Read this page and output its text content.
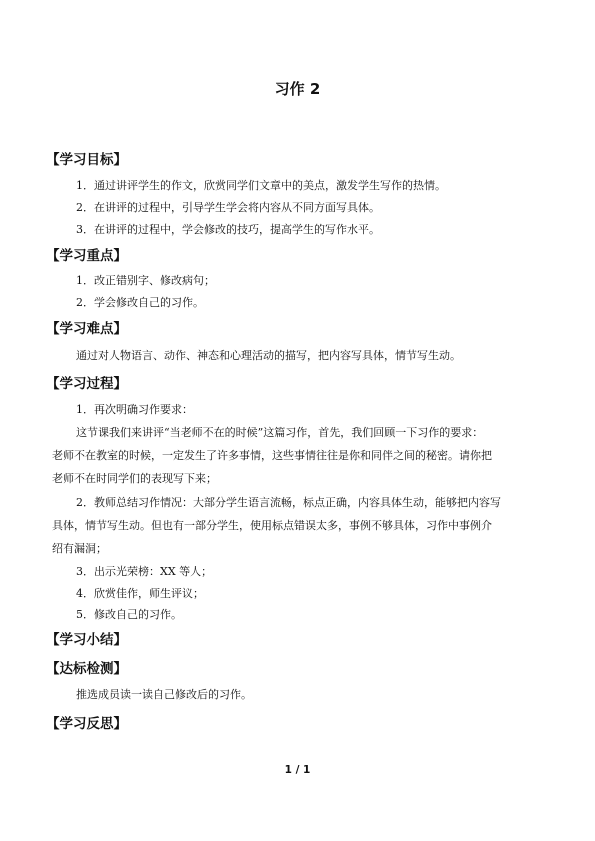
习作 2
【学习目标】
1．通过讲评学生的作文，欣赏同学们文章中的美点，激发学生写作的热情。
2．在讲评的过程中，引导学生学会将内容从不同方面写具体。
3．在讲评的过程中，学会修改的技巧，提高学生的写作水平。
【学习重点】
1．改正错别字、修改病句；
2．学会修改自己的习作。
【学习难点】
通过对人物语言、动作、神态和心理活动的描写，把内容写具体，情节写生动。
【学习过程】
1．再次明确习作要求：
这节课我们来讲评“当老师不在的时候”这篇习作，首先，我们回顾一下习作的要求：
老师不在教室的时候，一定发生了许多事情，这些事情往往是你和同伴之间的秘密。请你把
老师不在时同学们的表现写下来；
2．教师总结习作情况：大部分学生语言流畅，标点正确，内容具体生动，能够把内容写
具体，情节写生动。但也有一部分学生，使用标点错误太多，事例不够具体，习作中事例介
绍有漏洞；
3．出示光荣榜：XX 等人；
4．欣赏佳作，师生评议；
5．修改自己的习作。
【学习小结】
【达标检测】
推选成员读一读自己修改后的习作。
【学习反思】
1 / 1
